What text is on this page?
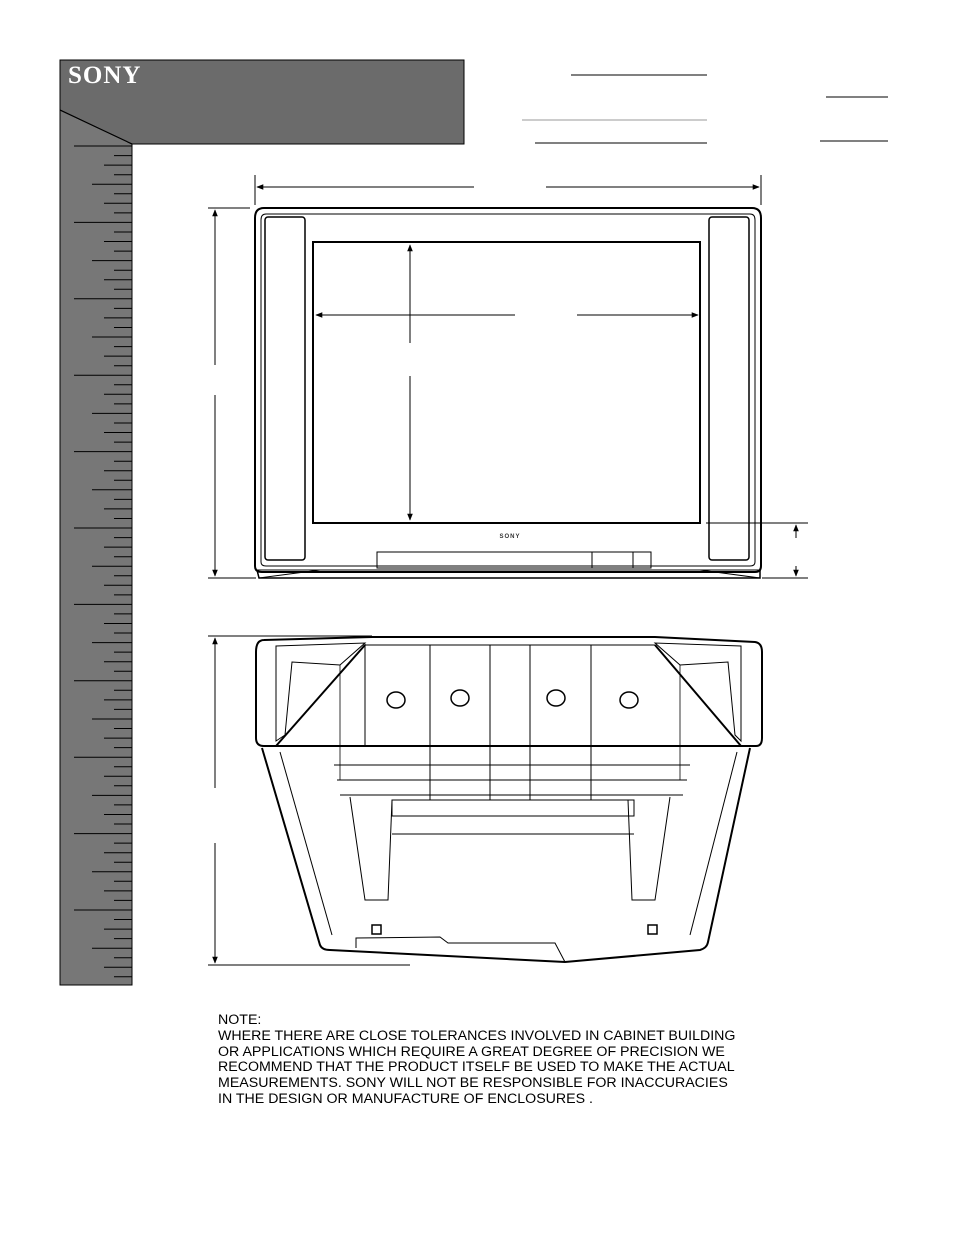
SONY
SONY
NOTE:
WHERE THERE ARE CLOSE TOLERANCES INVOLVED IN CABINET BUILDING
OR APPLICATIONS WHICH REQUIRE A GREAT DEGREE OF PRECISION WE
RECOMMEND THAT THE PRODUCT ITSELF BE USED TO MAKE THE ACTUAL
MEASUREMENTS. SONY WILL NOT BE RESPONSIBLE FOR INACCURACIES
IN THE DESIGN OR MANUFACTURE OF ENCLOSURES .
